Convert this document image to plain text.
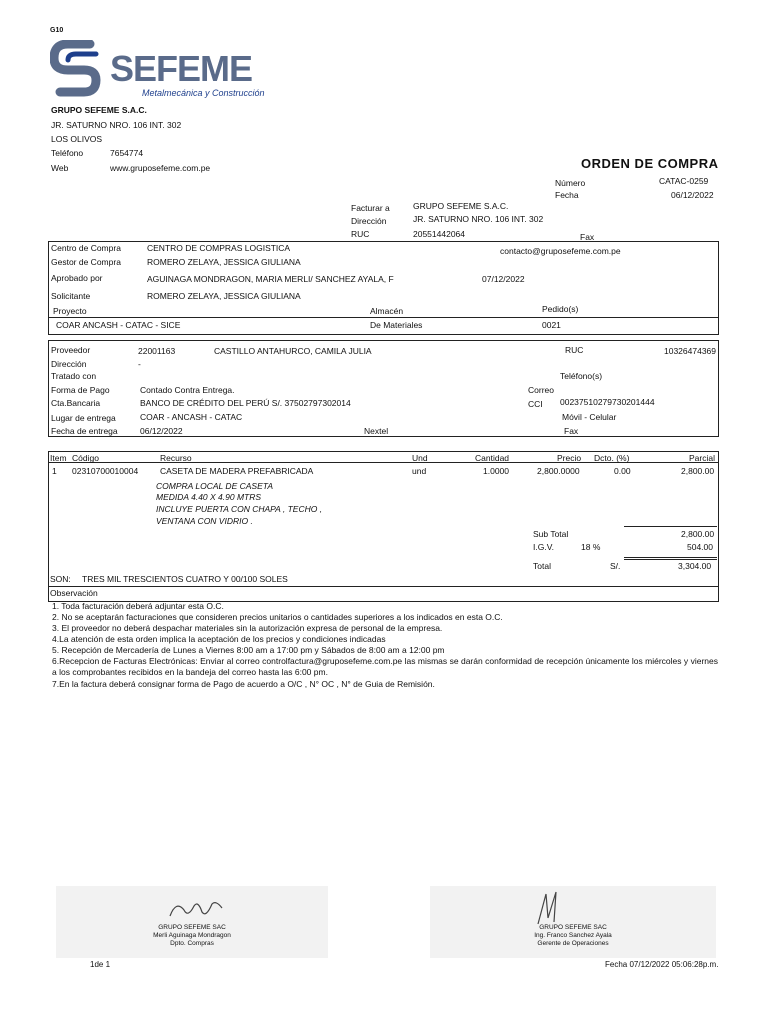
G10
SEFEME
Metalmecánica y Construcción
GRUPO SEFEME S.A.C.
JR. SATURNO NRO. 106 INT. 302
LOS OLIVOS
Teléfono	7654774
Web	www.gruposefeme.com.pe	ORDEN DE COMPRA
Número	CATAC-0259
Fecha	06/12/2022
Facturar a	GRUPO SEFEME S.A.C.
Dirección	JR. SATURNO NRO. 106 INT. 302
RUC	20551442064	Fax
Centro de Compra	CENTRO DE COMPRAS LOGISTICA	contacto@gruposefeme.com.pe
Gestor de Compra	ROMERO ZELAYA, JESSICA GIULIANA
Aprobado por	AGUINAGA MONDRAGON, MARIA MERLI/ SANCHEZ AYALA, F	07/12/2022
Solicitante	ROMERO ZELAYA, JESSICA GIULIANA
Proyecto	Almacén	Pedido(s)
COAR ANCASH - CATAC - SICE	De Materiales	0021
Proveedor	22001163	CASTILLO ANTAHURCO, CAMILA JULIA	RUC	10326474369
Dirección	-
Tratado con	Teléfono(s)
Forma de Pago	Contado Contra Entrega.	Correo
Cta.Bancaria	BANCO DE CRÉDITO DEL PERÚ S/. 37502797302014	CCI 00237510279730201444
Lugar de entrega	COAR - ANCASH - CATAC	Móvil - Celular
Fecha de entrega	06/12/2022	Nextel	Fax
Item Código	Recurso	Und	Cantidad	Precio Dcto. (%)	Parcial
1 02310700010004	CASETA DE MADERA PREFABRICADA	und	1.0000	2,800.0000	0.00	2,800.00
COMPRA LOCAL DE CASETA
MEDIDA 4.40 X 4.90 MTRS
INCLUYE PUERTA CON CHAPA , TECHO ,
VENTANA CON VIDRIO .
Sub Total	2,800.00
I.G.V.	18 %	504.00
Total	S/.	3,304.00
SON: TRES MIL TRESCIENTOS CUATRO Y 00/100 SOLES
Observación
1. Toda facturación deberá adjuntar esta O.C.
2. No se aceptarán facturaciones que consideren precios unitarios o cantidades superiores a los indicados en esta O.C.
3. El proveedor no deberá despachar materiales sin la autorización expresa de personal de la empresa.
4.La atención de esta orden implica la aceptación de los precios y condiciones indicadas
5. Recepción de Mercadería de Lunes a Viernes 8:00 am a 17:00 pm y Sábados de 8:00 am a 12:00 pm
6.Recepcion de Facturas Electrónicas: Enviar al correo controlfactura@gruposefeme.com.pe las mismas se darán conformidad de recepción únicamente los miércoles y viernes a los comprobantes recibidos en la bandeja del correo hasta las 6:00 pm.
7.En la factura deberá consignar forma de Pago de acuerdo a O/C , N° OC , N° de Guia de Remisión.
GRUPO SEFEME SAC
Merli Aguinaga Mondragon
Dpto. Compras
GRUPO SEFEME SAC
Ing. Franco Sanchez Ayala
Gerente de Operaciones
1de 1	Fecha 07/12/2022 05:06:28p.m.
